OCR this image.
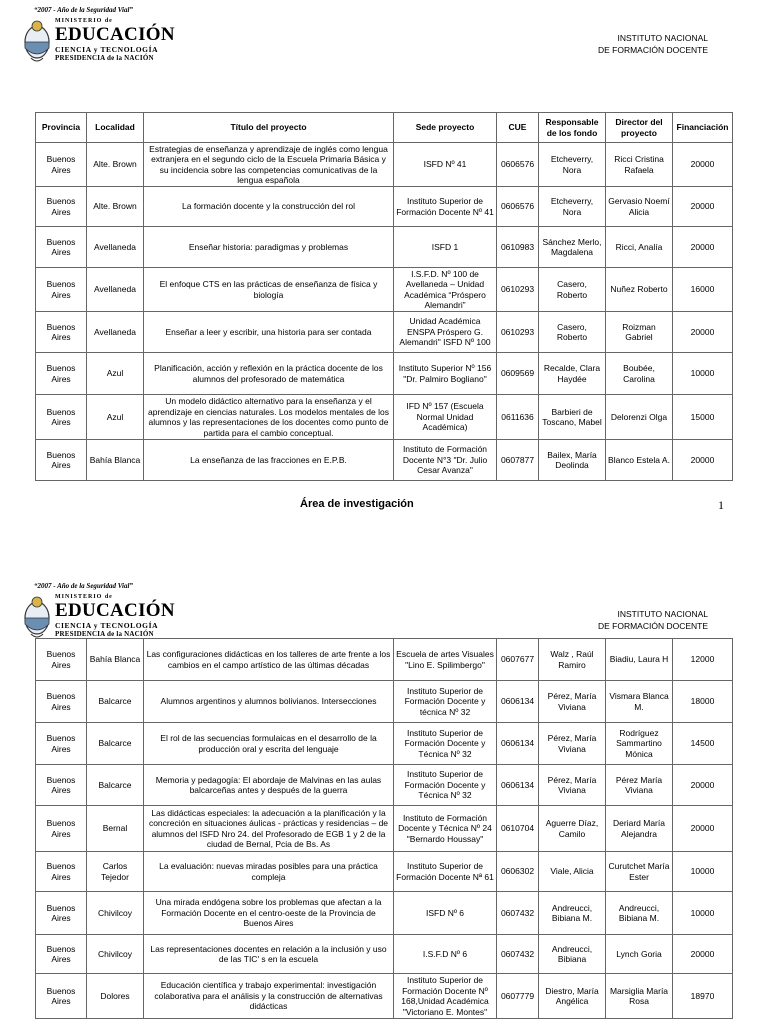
“2007 - Año de la Seguridad Vial”
MINISTERIO de
EDUCACIÓN
CIENCIA y TECNOLOGÍA
PRESIDENCIA de la NACIÓN
INSTITUTO NACIONAL
DE FORMACIÓN DOCENTE
Provincia	Localidad	Título del proyecto	Sede proyecto	CUE	Responsable de los fondo	Director del proyecto	Financiación
Buenos Aires	Alte. Brown	Estrategias de enseñanza y aprendizaje de inglés como lengua extranjera en el segundo ciclo de la Escuela Primaria Básica y su incidencia sobre las competencias comunicativas de la lengua española	ISFD Nº 41	0606576	Etcheverry, Nora	Ricci Cristina Rafaela	20000
Buenos Aires	Alte. Brown	La formación docente y la construcción del rol	Instituto Superior de Formación Docente Nº 41	0606576	Etcheverry, Nora	Gervasio Noemí Alicia	20000
Buenos Aires	Avellaneda	Enseñar historia: paradigmas y problemas	ISFD 1	0610983	Sánchez Merlo, Magdalena	Ricci, Analía	20000
Buenos Aires	Avellaneda	El enfoque CTS en las prácticas de enseñanza de física y biología	I.S.F.D. Nº 100 de Avellaneda – Unidad Académica “Próspero Alemandri”	0610293	Casero, Roberto	Nuñez Roberto	16000
Buenos Aires	Avellaneda	Enseñar a leer y escribir, una historia para ser contada	Unidad Académica ENSPA Próspero G. Alemandri" ISFD Nº 100	0610293	Casero, Roberto	Roizman Gabriel	20000
Buenos Aires	Azul	Planificación, acción y reflexión en la práctica docente de los alumnos del profesorado de matemática	Instituto Superior Nº 156 "Dr. Palmiro Bogliano"	0609569	Recalde, Clara Haydée	Boubée, Carolina	10000
Buenos Aires	Azul	Un modelo didáctico alternativo para la enseñanza y el aprendizaje en ciencias naturales. Los modelos mentales de los alumnos y las representaciones de los docentes como punto de partida para el cambio conceptual.	IFD Nº 157 (Escuela Normal Unidad Académica)	0611636	Barbieri de Toscano, Mabel	Delorenzi Olga	15000
Buenos Aires	Bahía Blanca	La enseñanza de las fracciones en E.P.B.	Instituto de Formación Docente N°3 "Dr. Julio Cesar Avanza"	0607877	Bailex, María Deolinda	Blanco Estela A.	20000
Área de investigación	1
“2007 - Año de la Seguridad Vial”
MINISTERIO de
EDUCACIÓN
CIENCIA y TECNOLOGÍA
PRESIDENCIA de la NACIÓN
INSTITUTO NACIONAL
DE FORMACIÓN DOCENTE
Buenos Aires	Bahía Blanca	Las configuraciones didácticas en los talleres de arte frente a los cambios en el campo artístico de las últimas décadas	Escuela de artes Visuales "Lino E. Spilimbergo"	0607677	Walz , Raúl Ramiro	Biadiu, Laura H	12000
Buenos Aires	Balcarce	Alumnos argentinos y alumnos bolivianos. Intersecciones	Instituto Superior de Formación Docente y técnica Nº 32	0606134	Pérez, María Viviana	Vismara Blanca M.	18000
Buenos Aires	Balcarce	El rol de las secuencias formulaicas en el desarrollo de la producción oral y escrita del lenguaje	Instituto Superior de Formación Docente y Técnica Nº 32	0606134	Pérez, María Viviana	Rodríguez Sammartino Mónica	14500
Buenos Aires	Balcarce	Memoria y pedagogía: El abordaje de Malvinas en las aulas balcarceñas antes y después de la guerra	Instituto Superior de Formación Docente y Técnica Nº 32	0606134	Pérez, María Viviana	Pérez María Viviana	20000
Buenos Aires	Bernal	Las didácticas especiales: la adecuación a la planificación y la concreción en situaciones áulicas - prácticas y residencias – de alumnos del ISFD Nro 24. del Profesorado de EGB 1 y 2 de la ciudad de Bernal, Pcia de Bs. As	Instituto de Formación Docente y Técnica Nº 24 "Bernardo Houssay"	0610704	Aguerre Díaz, Camilo	Deriard María Alejandra	20000
Buenos Aires	Carlos Tejedor	La evaluación: nuevas miradas posibles para una práctica compleja	Instituto Superior de Formación Docente Nª 61	0606302	Viale, Alicia	Curutchet María Ester	10000
Buenos Aires	Chivilcoy	Una mirada endógena sobre los problemas que afectan a la Formación Docente en el centro-oeste de la Provincia de Buenos Aires	ISFD Nº 6	0607432	Andreucci, Bibiana M.	Andreucci, Bibiana M.	10000
Buenos Aires	Chivilcoy	Las representaciones docentes en relación a la inclusión y uso de las TIC' s en la escuela	I.S.F.D Nº 6	0607432	Andreucci, Bibiana	Lynch Goria	20000
Buenos Aires	Dolores	Educación científica y trabajo experimental: investigación colaborativa para el análisis y la construcción de alternativas didácticas	Instituto Superior de Formación Docente Nº 168,Unidad Académica "Victoriano E. Montes"	0607779	Diestro, María Angélica	Marsiglia María Rosa	18970
